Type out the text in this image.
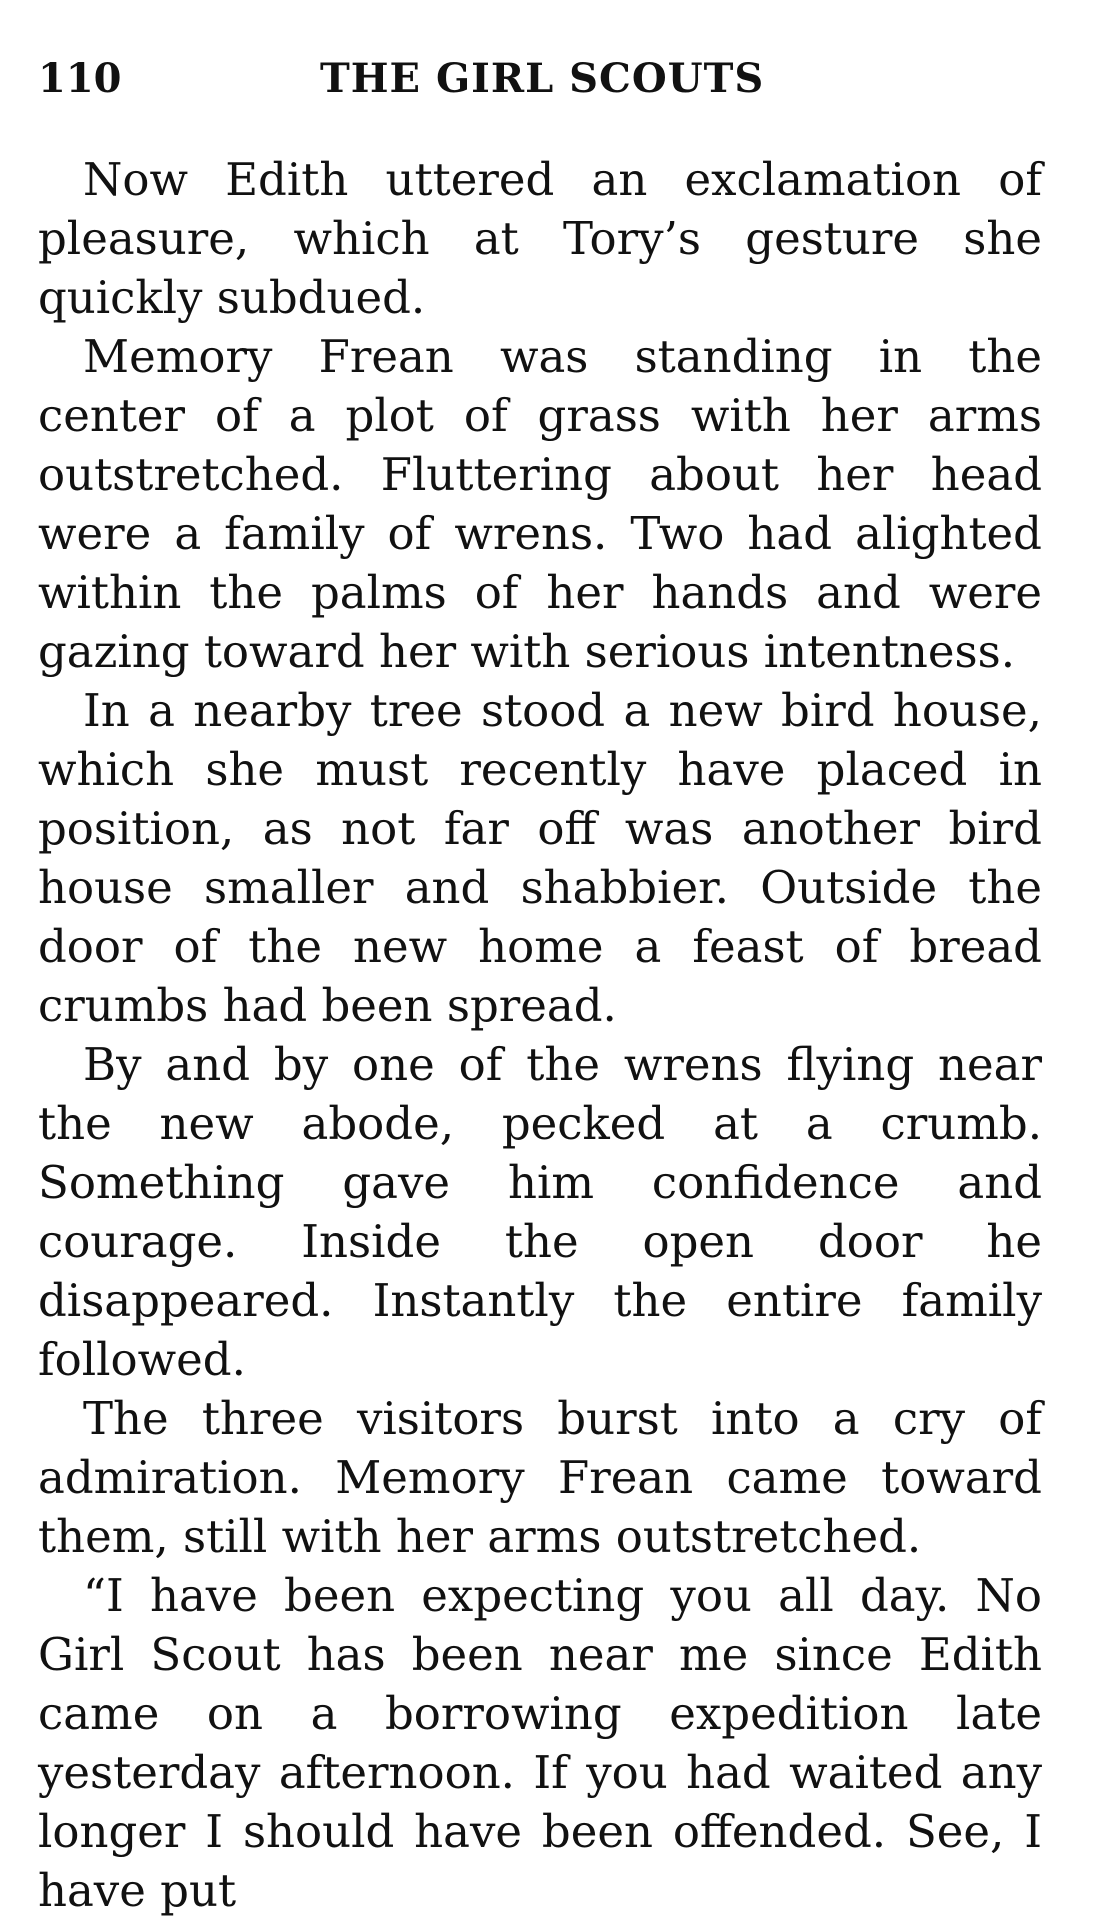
110	THE GIRL SCOUTS

Now Edith uttered an exclamation of pleasure, which at Tory’s gesture she quickly subdued.

Memory Frean was standing in the center of a plot of grass with her arms outstretched. Fluttering about her head were a family of wrens. Two had alighted within the palms of her hands and were gazing toward her with serious intentness.

In a nearby tree stood a new bird house, which she must recently have placed in position, as not far off was another bird house smaller and shabbier. Outside the door of the new home a feast of bread crumbs had been spread.

By and by one of the wrens flying near the new abode, pecked at a crumb. Something gave him confidence and courage. Inside the open door he disappeared. Instantly the entire family followed.

The three visitors burst into a cry of admiration. Memory Frean came toward them, still with her arms outstretched.

“I have been expecting you all day. No Girl Scout has been near me since Edith came on a borrowing expedition late yesterday afternoon. If you had waited any longer I should have been offended. See, I have put
